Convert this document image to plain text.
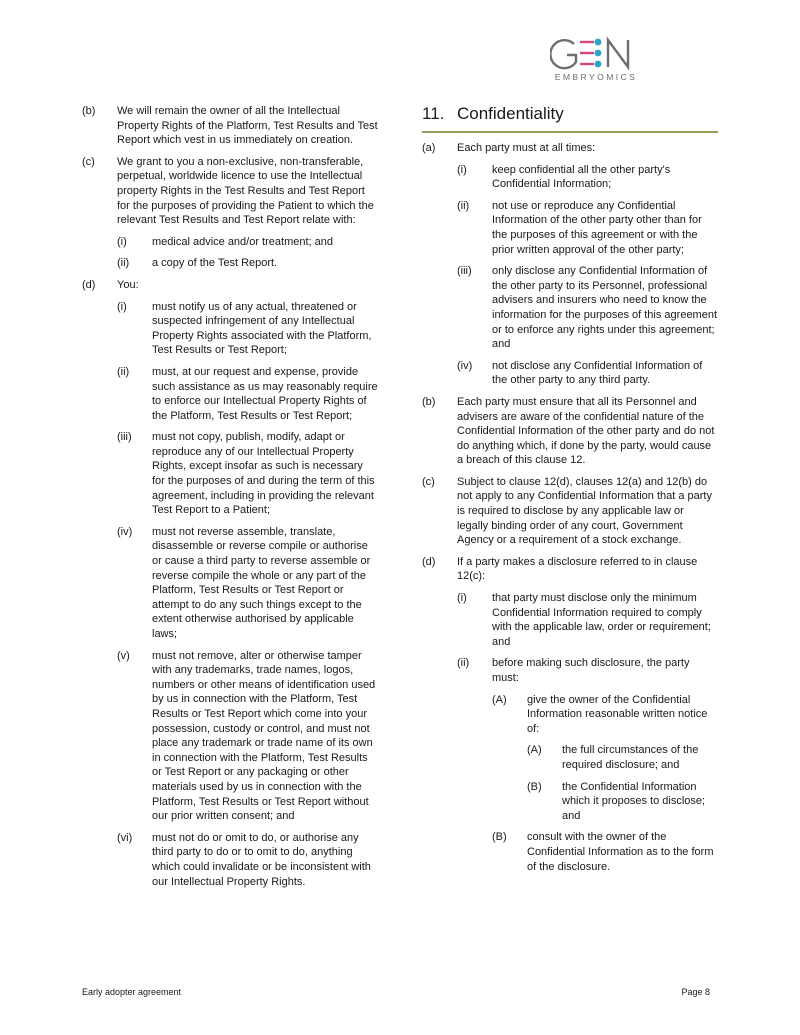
EMBRYOMICS
(b)	We will remain the owner of all the Intellectual Property Rights of the Platform, Test Results and Test Report which vest in us immediately on creation.
(c)	We grant to you a non-exclusive, non-transferable, perpetual, worldwide licence to use the Intellectual property Rights in the Test Results and Test Report for the purposes of providing the Patient to which the relevant Test Results and Test Report relate with:
(i)	medical advice and/or treatment; and
(ii)	a copy of the Test Report.
(d)	You:
(i)	must notify us of any actual, threatened or suspected infringement of any Intellectual Property Rights associated with the Platform, Test Results or Test Report;
(ii)	must, at our request and expense, provide such assistance as us may reasonably require to enforce our Intellectual Property Rights of the Platform, Test Results or Test Report;
(iii)	must not copy, publish, modify, adapt or reproduce any of our Intellectual Property Rights, except insofar as such is necessary for the purposes of and during the term of this agreement, including in providing the relevant Test Report to a Patient;
(iv)	must not reverse assemble, translate, disassemble or reverse compile or authorise or cause a third party to reverse assemble or reverse compile the whole or any part of the Platform, Test Results or Test Report or attempt to do any such things except to the extent otherwise authorised by applicable laws;
(v)	must not remove, alter or otherwise tamper with any trademarks, trade names, logos, numbers or other means of identification used by us in connection with the Platform, Test Results or Test Report which come into your possession, custody or control, and must not place any trademark or trade name of its own in connection with the Platform, Test Results or Test Report or any packaging or other materials used by us in connection with the Platform, Test Results or Test Report without our prior written consent; and
(vi)	must not do or omit to do, or authorise any third party to do or to omit to do, anything which could invalidate or be inconsistent with our Intellectual Property Rights.
11. Confidentiality
(a)	Each party must at all times:
(i)	keep confidential all the other party's Confidential Information;
(ii)	not use or reproduce any Confidential Information of the other party other than for the purposes of this agreement or with the prior written approval of the other party;
(iii)	only disclose any Confidential Information of the other party to its Personnel, professional advisers and insurers who need to know the information for the purposes of this agreement or to enforce any rights under this agreement; and
(iv)	not disclose any Confidential Information of the other party to any third party.
(b)	Each party must ensure that all its Personnel and advisers are aware of the confidential nature of the Confidential Information of the other party and do not do anything which, if done by the party, would cause a breach of this clause 12.
(c)	Subject to clause 12(d), clauses 12(a) and 12(b) do not apply to any Confidential Information that a party is required to disclose by any applicable law or legally binding order of any court, Government Agency or a requirement of a stock exchange.
(d)	If a party makes a disclosure referred to in clause 12(c):
(i)	that party must disclose only the minimum Confidential Information required to comply with the applicable law, order or requirement; and
(ii)	before making such disclosure, the party must:
(A)	give the owner of the Confidential Information reasonable written notice of:
(A)	the full circumstances of the required disclosure; and
(B)	the Confidential Information which it proposes to disclose; and
(B)	consult with the owner of the Confidential Information as to the form of the disclosure.
Early adopter agreement	Page 8
